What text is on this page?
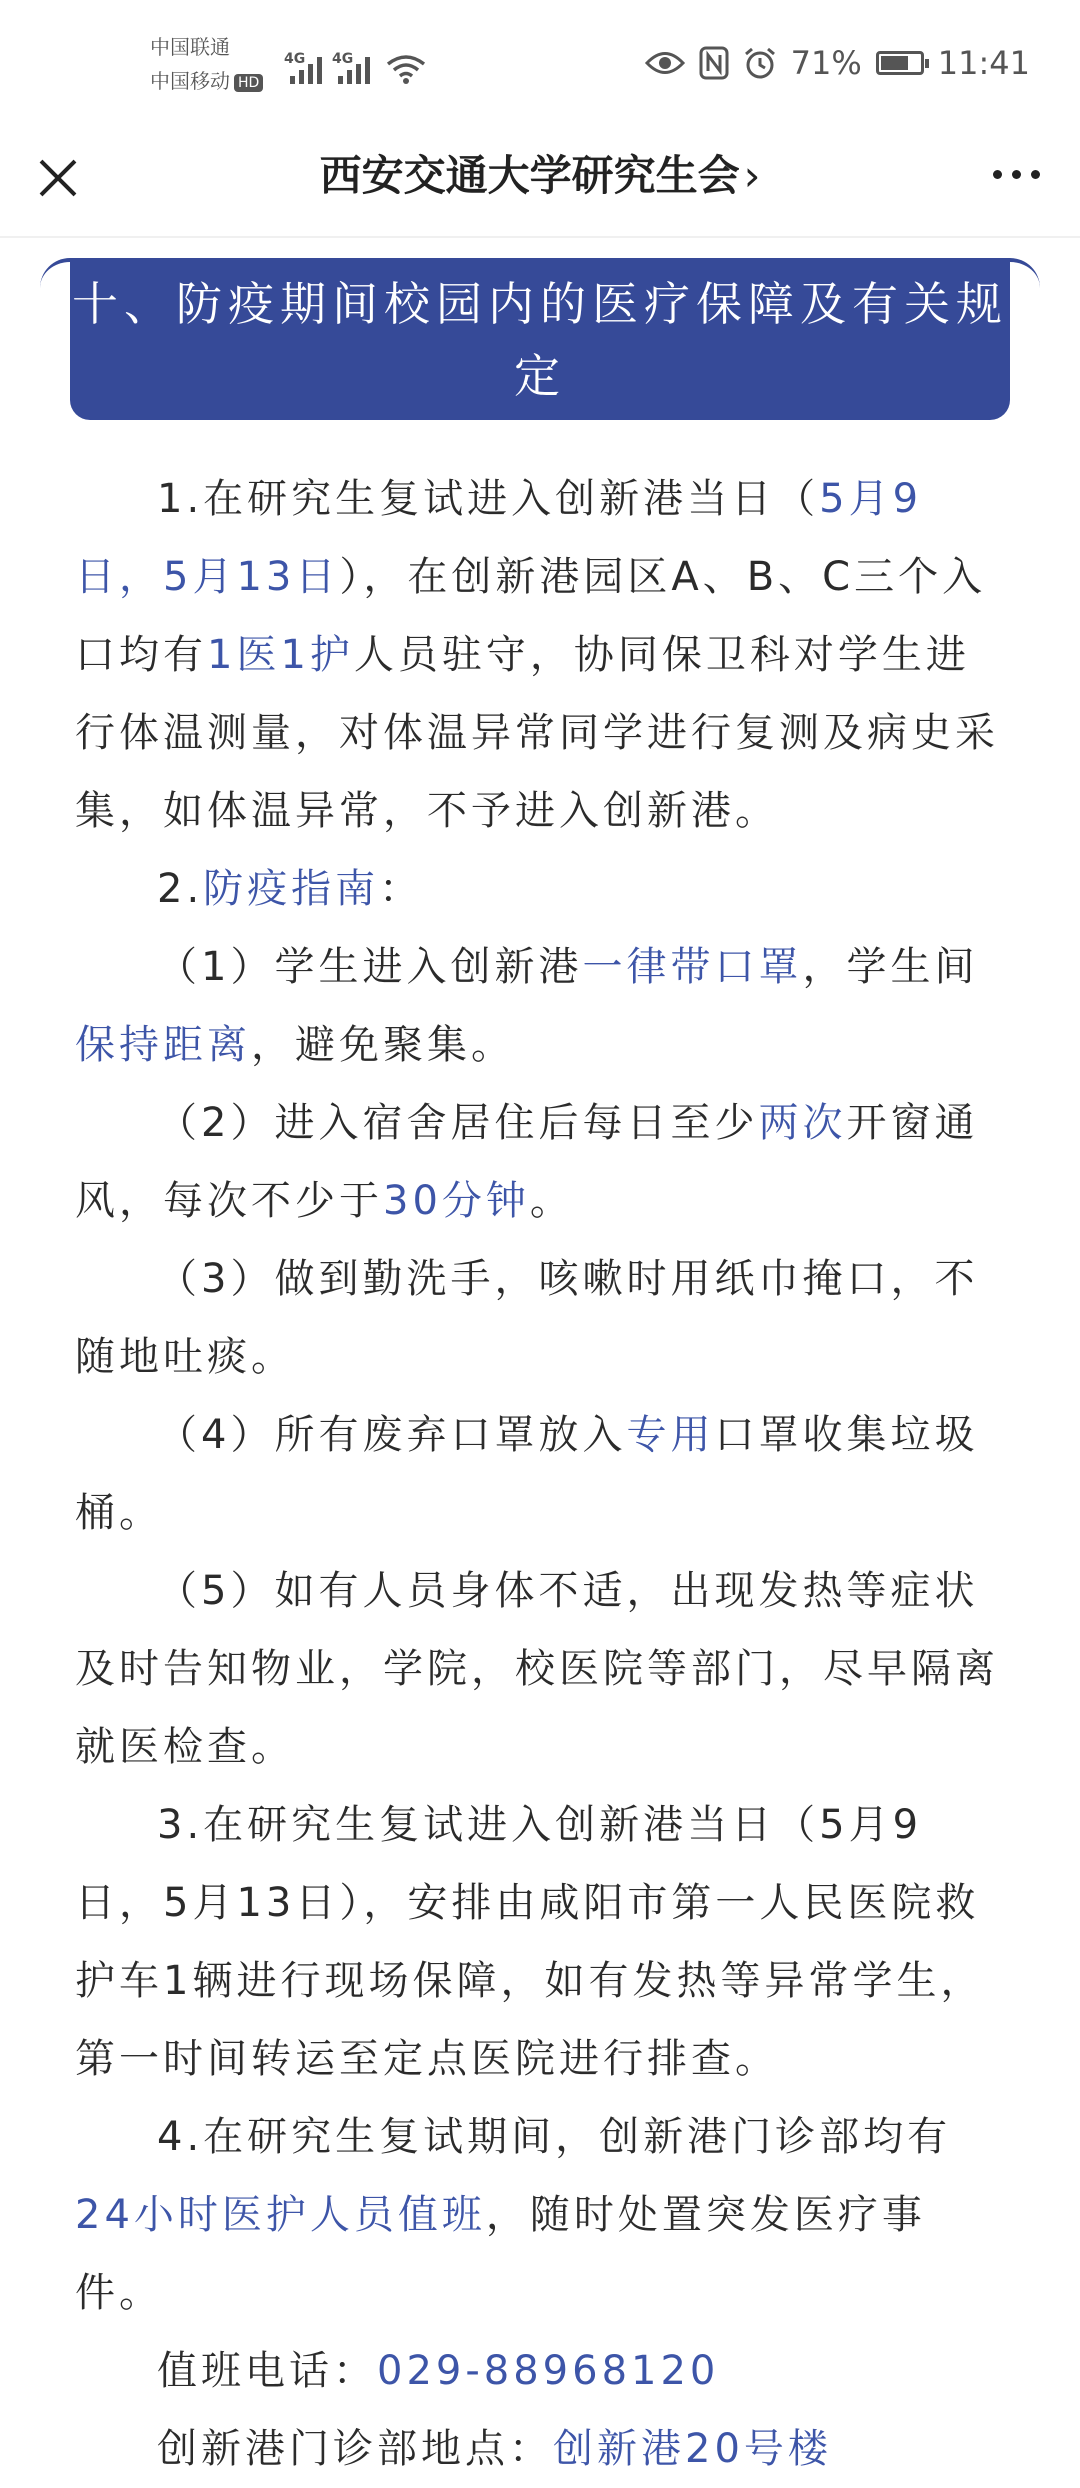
中国联通
中国移动 HD
4G 4G	71% 11:41
西安交通大学研究生会›
十、防疫期间校园内的医疗保障及有关规定

1.在研究生复试进入创新港当日（5月9日，5月13日），在创新港园区A、B、C三个入口均有1医1护人员驻守，协同保卫科对学生进行体温测量，对体温异常同学进行复测及病史采集，如体温异常，不予进入创新港。

2.防疫指南：

（1）学生进入创新港一律带口罩，学生间保持距离，避免聚集。

（2）进入宿舍居住后每日至少两次开窗通风，每次不少于30分钟。

（3）做到勤洗手，咳嗽时用纸巾掩口，不随地吐痰。

（4）所有废弃口罩放入专用口罩收集垃圾桶。

（5）如有人员身体不适，出现发热等症状及时告知物业，学院，校医院等部门，尽早隔离就医检查。

3.在研究生复试进入创新港当日（5月9日，5月13日），安排由咸阳市第一人民医院救护车1辆进行现场保障，如有发热等异常学生，第一时间转运至定点医院进行排查。

4.在研究生复试期间，创新港门诊部均有24小时医护人员值班，随时处置突发医疗事件。

值班电话：029-88968120

创新港门诊部地点：创新港20号楼
